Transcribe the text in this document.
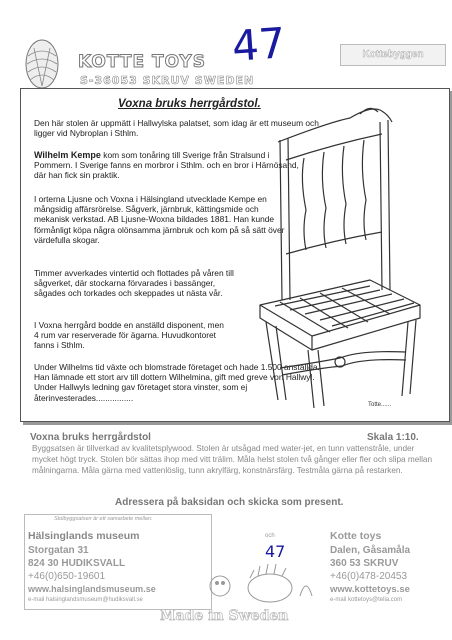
KOTTE TOYS
S-36053 SKRUV SWEDEN
47	Kottebyggen
Voxna bruks herrgårdstol.

Den här stolen är uppmätt i Hallwylska palatset, som idag är ett museum och ligger vid Nybroplan i Sthlm.

Wilhelm Kempe kom som tonåring till Sverige från Stralsund i Pommern. I Sverige fanns en morbror i Sthlm. och en bror i Härnösand, där han fick sin praktik.

I orterna Ljusne och Voxna i Hälsingland utvecklade Kempe en mångsidig affärsrörelse. Sågverk, järnbruk, kättingsmide och mekanisk verkstad. AB Ljusne-Woxna bildades 1881. Han kunde förmånligt köpa några olönsamma järnbruk och kom på så sätt över värdefulla skogar.

Timmer avverkades vintertid och flottades på våren till sågverket, där stockarna förvarades i bassänger, sågades och torkades och skeppades ut nästa vår.

I Voxna herrgård bodde en anställd disponent, men 4 rum var reserverade för ägarna. Huvudkontoret fanns i Sthlm.

Under Wilhelms tid växte och blomstrade företaget och hade 1.500 anställda. Han lämnade ett stort arv till dottern Wilhelmina, gift med greve von Hallwyl. Under Hallwyls ledning gav företaget stora vinster, som ej återinvesterades................

Totte......
Voxna bruks herrgårdstol	Skala 1:10.
Byggsatsen är tillverkad av kvalitetsplywood. Stolen är utsågad med water-jet, en tunn vattenstråle, under mycket högt tryck. Stolen bör sättas ihop med vitt trälim. Måla helst stolen två gånger eller fler och slipa mellan målningarna. Måla gärna med vattenlöslig, tunn akrylfärg, konstnärsfärg. Testmåla gärna på restarken.
Adressera på baksidan och skicka som present.
Stolbyggsatsen är ett samarbete mellan:
Hälsinglands museum
Storgatan 31
824 30 HUDIKSVALL
+46(0)650-19601
www.halsinglandsmuseum.se
e-mail halsinglandsmuseum@hudiksvall.se
och
47
Kotte toys
Dalen, Gåsamåla
360 53 SKRUV
+46(0)478-20453
www.kottetoys.se
e-mail kottetoys@telia.com
Made in Sweden
